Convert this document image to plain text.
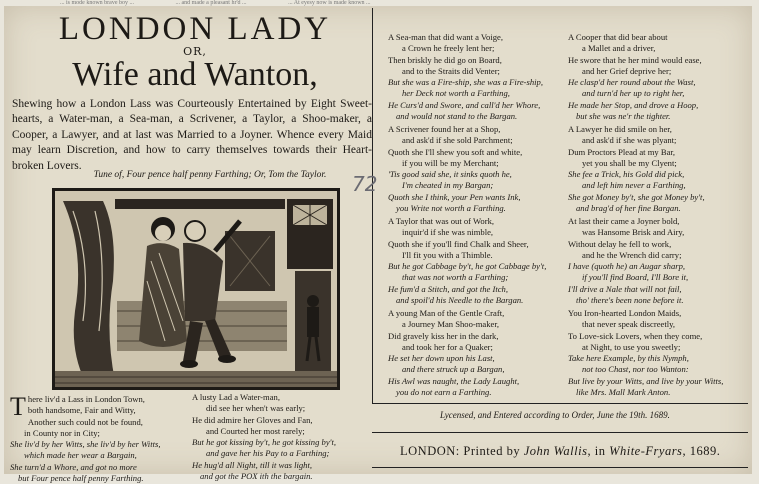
... is mode known brave boy ...	... and made a pleasant hr'd ...	... At eyesy now is made known ...
LONDON LADY
OR,
Wife and Wanton,
Shewing how a London Lass was Courteously Entertained by Eight Sweet-hearts, a Water-man, a Sea-man, a Scrivener, a Taylor, a Shoo-maker, a Cooper, a Lawyer, and at last was Married to a Joyner. Whence every Maid may learn Discretion, and how to carry themselves towards their Heart-broken Lovers.
Tune of, Four pence half penny Farthing; Or, Tom the Taylor.	72
T here liv'd a Lass in London Town,
both handsome, Fair and Witty,
Another such could not be found,
in County nor in City;
She liv'd by her Witts, she liv'd by her Witts,
which made her wear a Bargain,
She turn'd a Whore, and got no more
but Four pence half penny Farthing.
A lusty Lad a Water-man,
did see her when't was early;
He did admire her Gloves and Fan,
and Courted her most rarely;
But he got kissing by't, he got kissing by't,
and gave her his Pay to a Farthing;
He hug'd all Night, till it was light,
and got the POX ith the bargain.
A Sea-man that did want a Voige,
a Crown he freely lent her;
Then briskly he did go on Board,
and to the Straits did Venter;
But she was a Fire-ship, she was a Fire-ship,
her Deck not worth a Farthing,
He Curs'd and Swore, and call'd her Whore,
and would not stand to the Bargan.
A Scrivener found her at a Shop,
and ask'd if she sold Parchment;
Quoth she I'll shew you soft and white,
if you will be my Merchant;
'Tis good said she, it sinks quoth he,
I'm cheated in my Bargan;
Quoth she I think, your Pen wants Ink,
you Write not worth a Farthing.
A Taylor that was out of Work,
inquir'd if she was nimble,
Quoth she if you'll find Chalk and Sheer,
I'll fit you with a Thimble.
But he got Cabbage by't, he got Cabbage by't,
that was not worth a Farthing;
He fum'd a Stitch, and got the Itch,
and spoil'd his Needle to the Bargan.
A young Man of the Gentle Craft,
a Journey Man Shoo-maker,
Did gravely kiss her in the dark,
and took her for a Quaker;
He set her down upon his Last,
and there struck up a Bargan,
His Awl was naught, the Lady Laught,
you do not earn a Farthing.
A Cooper that did bear about
a Mallet and a driver,
He swore that he her mind would ease,
and her Grief deprive her;
He clasp'd her round about the Wast,
and turn'd her up to right her,
He made her Stop, and drove a Hoop,
but she was ne'r the tighter.
A Lawyer he did smile on her,
and ask'd if she was plyant;
Dum Proctors Plead at my Bar,
yet you shall be my Clyent;
She fee a Trick, his Gold did pick,
and left him never a Farthing,
She got Money by't, she got Money by't,
and brag'd of her fine Bargan.
At last their came a Joyner bold,
was Hansome Brisk and Airy,
Without delay he fell to work,
and he the Wrench did carry;
I have (quoth he) an Augar sharp,
if you'll find Board, I'll Bore it,
I'll drive a Nale that will not fail,
tho' there's been none before it.
You Iron-hearted London Maids,
that never speak discreetly,
To Love-sick Lovers, when they come,
at Night, to use you sweetly;
Take here Example, by this Nymph,
not too Chast, nor too Wanton:
But live by your Witts, and live by your Witts,
like Mrs. Mall Mark Anton.
Lycensed, and Entered according to Order, June the 19th. 1689.
LONDON: Printed by John Wallis, in White-Fryars, 1689.
